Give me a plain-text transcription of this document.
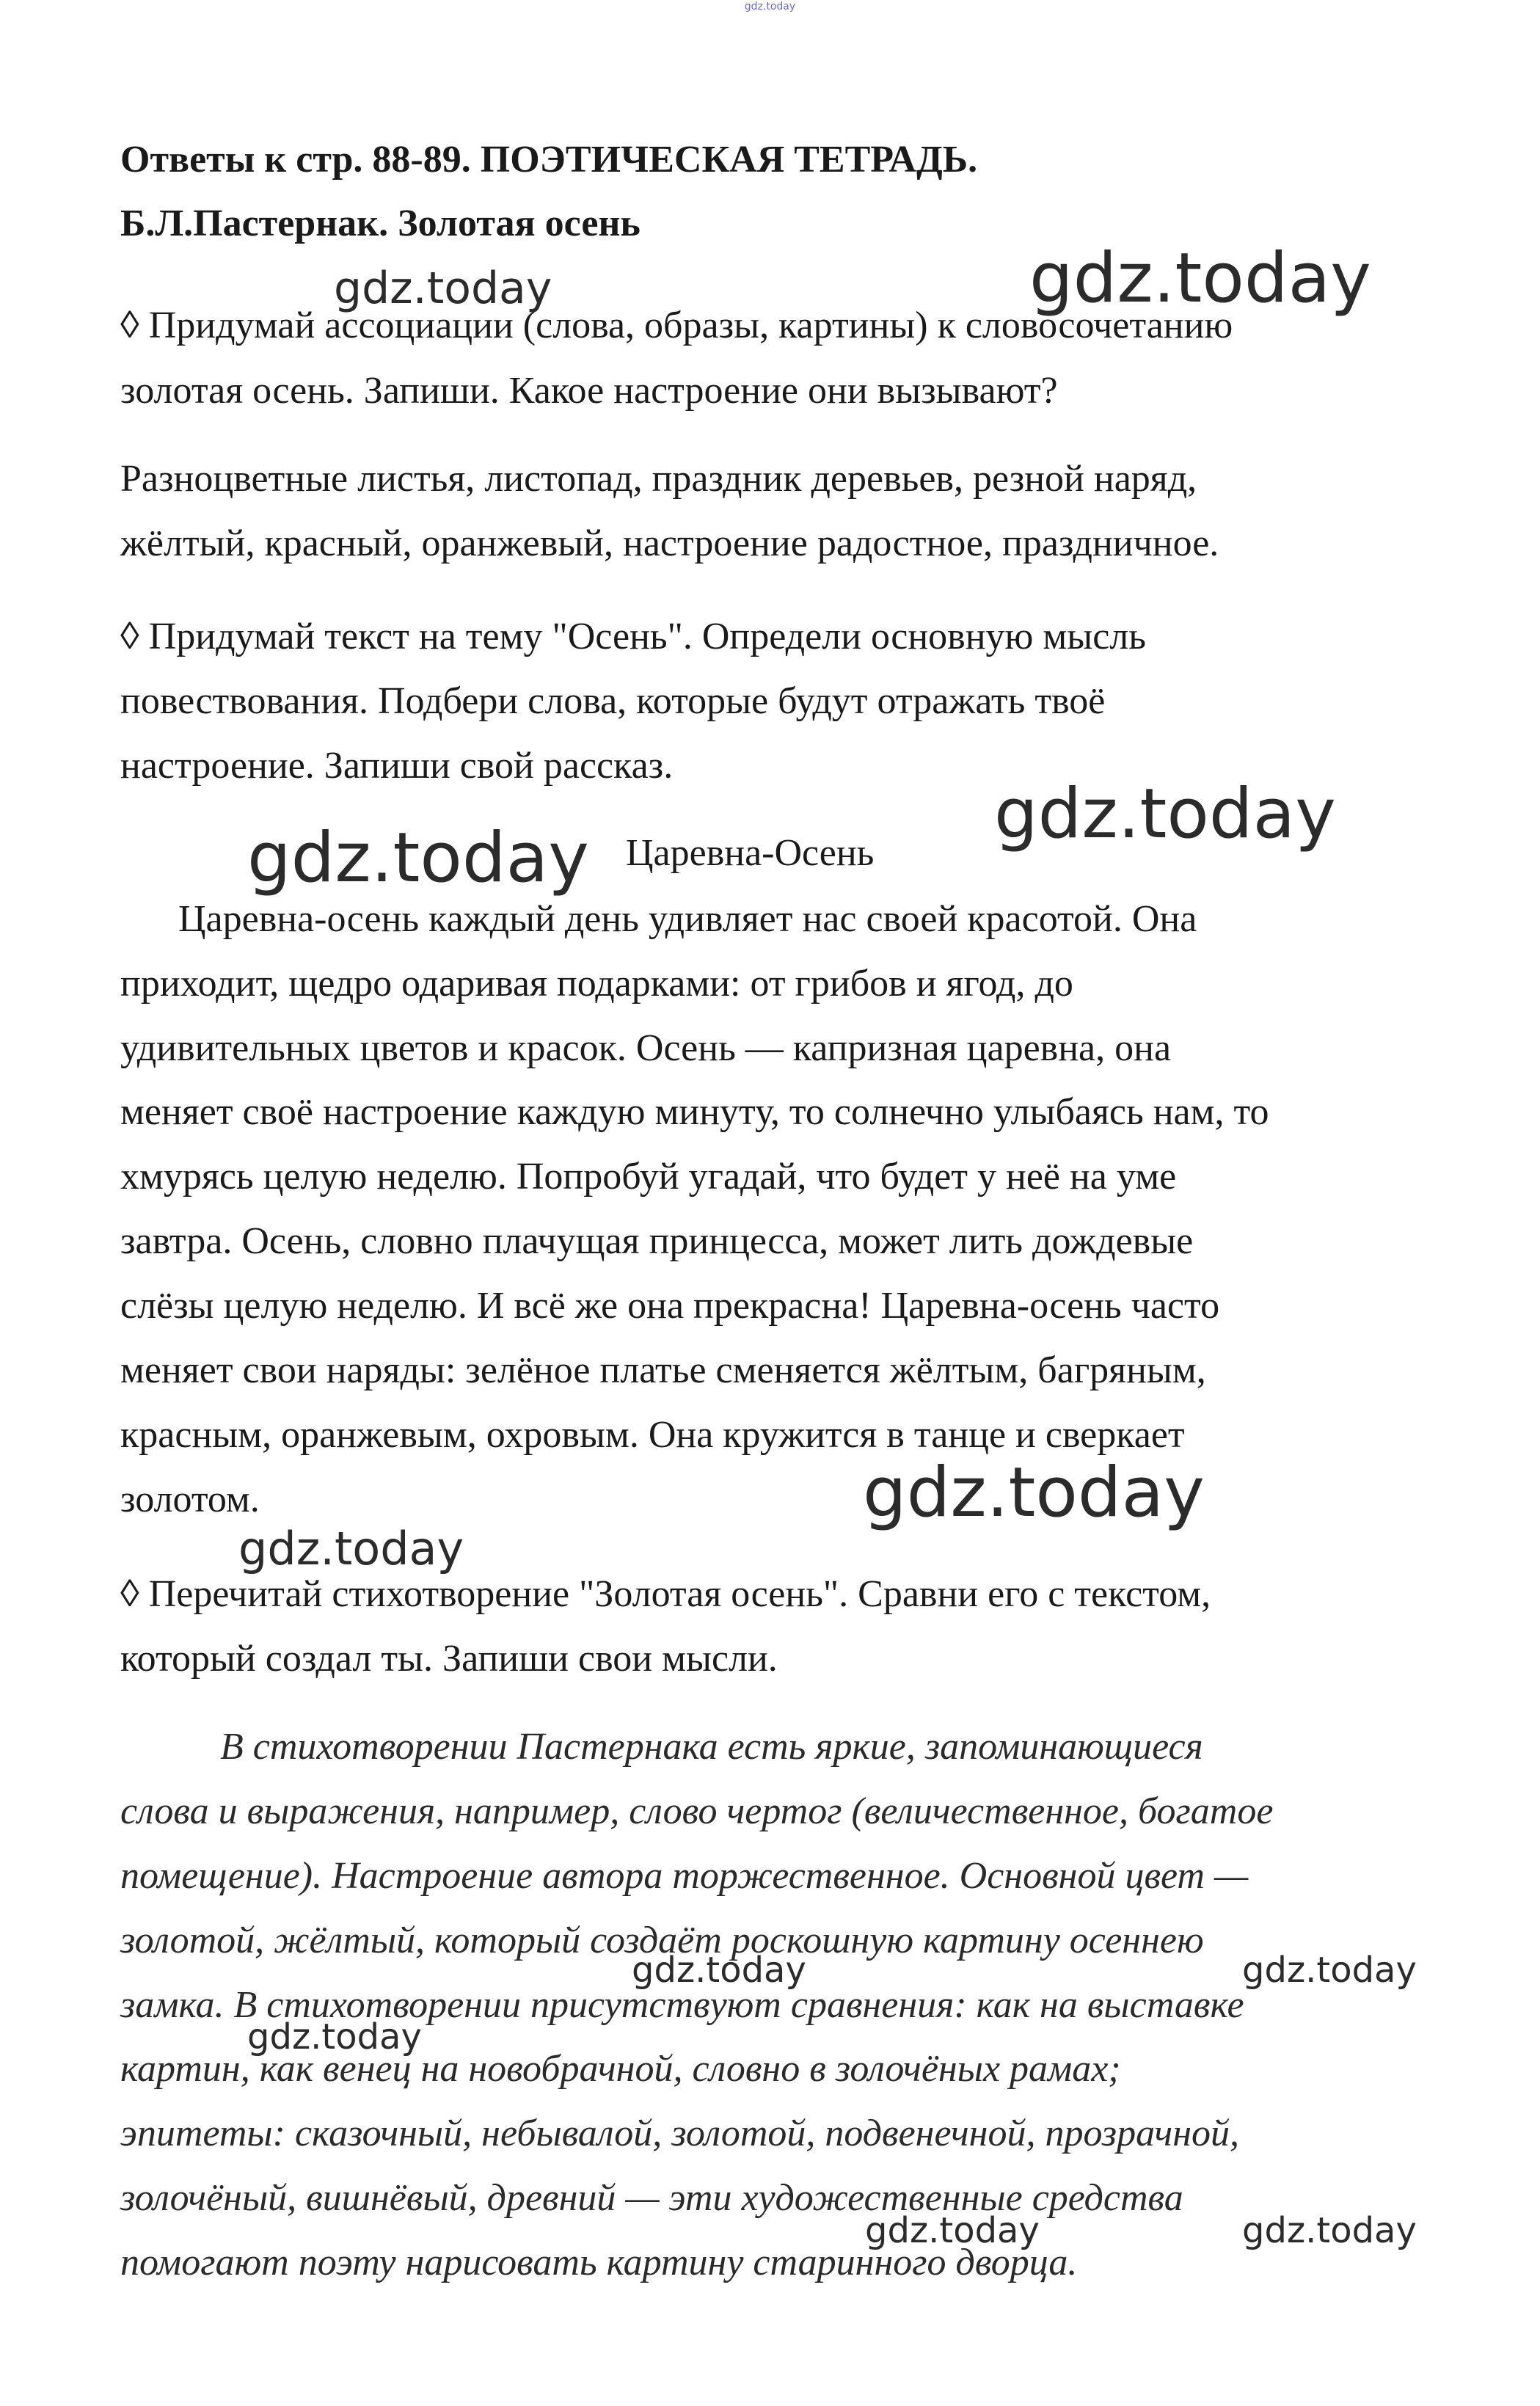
gdz.today
Ответы к стр. 88-89. ПОЭТИЧЕСКАЯ ТЕТРАДЬ.
Б.Л.Пастернак. Золотая осень
◊ Придумай ассоциации (слова, образы, картины) к словосочетанию
золотая осень. Запиши. Какое настроение они вызывают?
Разноцветные листья, листопад, праздник деревьев, резной наряд,
жёлтый, красный, оранжевый, настроение радостное, праздничное.
◊ Придумай текст на тему "Осень". Определи основную мысль
повествования. Подбери слова, которые будут отражать твоё
настроение. Запиши свой рассказ.
Царевна-Осень
Царевна-осень каждый день удивляет нас своей красотой. Она
приходит, щедро одаривая подарками: от грибов и ягод, до
удивительных цветов и красок. Осень — капризная царевна, она
меняет своё настроение каждую минуту, то солнечно улыбаясь нам, то
хмурясь целую неделю. Попробуй угадай, что будет у неё на уме
завтра. Осень, словно плачущая принцесса, может лить дождевые
слёзы целую неделю. И всё же она прекрасна! Царевна-осень часто
меняет свои наряды: зелёное платье сменяется жёлтым, багряным,
красным, оранжевым, охровым. Она кружится в танце и сверкает
золотом.
◊ Перечитай стихотворение "Золотая осень". Сравни его с текстом,
который создал ты. Запиши свои мысли.
В стихотворении Пастернака есть яркие, запоминающиеся
слова и выражения, например, слово чертог (величественное, богатое
помещение). Настроение автора торжественное. Основной цвет —
золотой, жёлтый, который создаёт роскошную картину осеннею
замка. В стихотворении присутствуют сравнения: как на выставке
картин, как венец на новобрачной, словно в золочёных рамах;
эпитеты: сказочный, небывалой, золотой, подвенечной, прозрачной,
золочёный, вишнёвый, древний — эти художественные средства
помогают поэту нарисовать картину старинного дворца.
gdz.today	gdz.today
gdz.today
gdz.today
gdz.today
gdz.today
gdz.today	gdz.today
gdz.today
gdz.today	gdz.today
